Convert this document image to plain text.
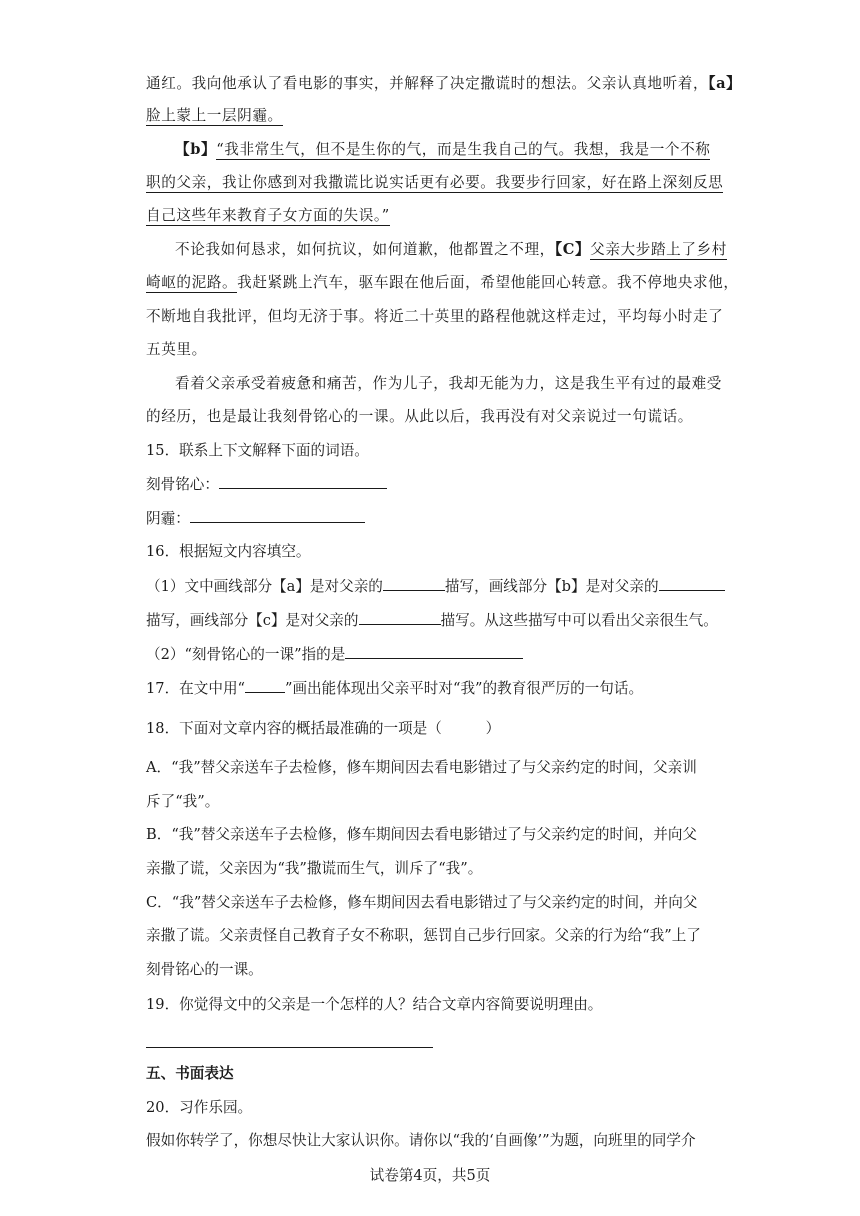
通红。我向他承认了看电影的事实，并解释了决定撒谎时的想法。父亲认真地听着，【a】
脸上蒙上一层阴霾。
【b】“我非常生气，但不是生你的气，而是生我自己的气。我想，我是一个不称
职的父亲，我让你感到对我撒谎比说实话更有必要。我要步行回家，好在路上深刻反思
自己这些年来教育子女方面的失误。”
不论我如何恳求，如何抗议，如何道歉，他都置之不理，【C】父亲大步踏上了乡村
崎岖的泥路。我赶紧跳上汽车，驱车跟在他后面，希望他能回心转意。我不停地央求他，
不断地自我批评，但均无济于事。将近二十英里的路程他就这样走过，平均每小时走了
五英里。
看着父亲承受着疲惫和痛苦，作为儿子，我却无能为力，这是我生平有过的最难受
的经历，也是最让我刻骨铭心的一课。从此以后，我再没有对父亲说过一句谎话。
15．联系上下文解释下面的词语。
刻骨铭心：
阴霾：
16．根据短文内容填空。
（1）文中画线部分【a】是对父亲的	描写，画线部分【b】是对父亲的
描写，画线部分【c】是对父亲的	描写。从这些描写中可以看出父亲很生气。
（2）“刻骨铭心的一课”指的是
17．在文中用“	”画出能体现出父亲平时对“我”的教育很严厉的一句话。
18．下面对文章内容的概括最准确的一项是（　　　）
A．“我”替父亲送车子去检修，修车期间因去看电影错过了与父亲约定的时间，父亲训
斥了“我”。
B．“我”替父亲送车子去检修，修车期间因去看电影错过了与父亲约定的时间，并向父
亲撒了谎，父亲因为“我”撒谎而生气，训斥了“我”。
C．“我”替父亲送车子去检修，修车期间因去看电影错过了与父亲约定的时间，并向父
亲撒了谎。父亲责怪自己教育子女不称职，惩罚自己步行回家。父亲的行为给“我”上了
刻骨铭心的一课。
19．你觉得文中的父亲是一个怎样的人？结合文章内容简要说明理由。
五、书面表达
20．习作乐园。
假如你转学了，你想尽快让大家认识你。请你以“我的‘自画像’”为题，向班里的同学介
试卷第4页，共5页
